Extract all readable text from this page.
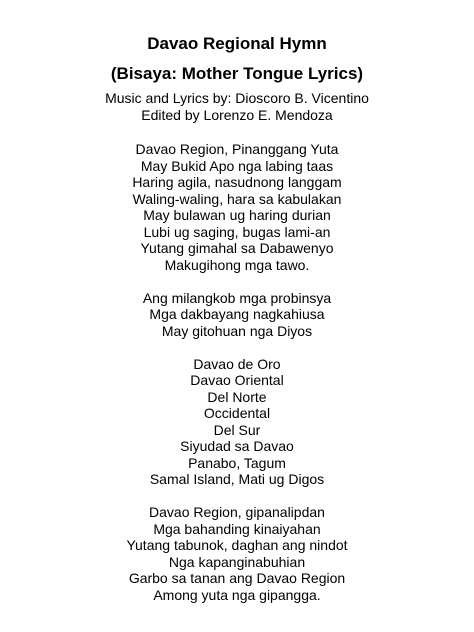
Davao Regional Hymn
(Bisaya: Mother Tongue Lyrics)
Music and Lyrics by: Dioscoro B. Vicentino
Edited by Lorenzo E. Mendoza
Davao Region, Pinanggang Yuta
May Bukid Apo nga labing taas
Haring agila, nasudnong langgam
Waling-waling, hara sa kabulakan
May bulawan ug haring durian
Lubi ug saging, bugas lami-an
Yutang gimahal sa Dabawenyo
Makugihong mga tawo.
Ang milangkob mga probinsya
Mga dakbayang nagkahiusa
May gitohuan nga Diyos
Davao de Oro
Davao Oriental
Del Norte
Occidental
Del Sur
Siyudad sa Davao
Panabo, Tagum
Samal Island, Mati ug Digos
Davao Region, gipanalipdan
Mga bahanding kinaiyahan
Yutang tabunok, daghan ang nindot
Nga kapanginabuhian
Garbo sa tanan ang Davao Region
Among yuta nga gipangga.
